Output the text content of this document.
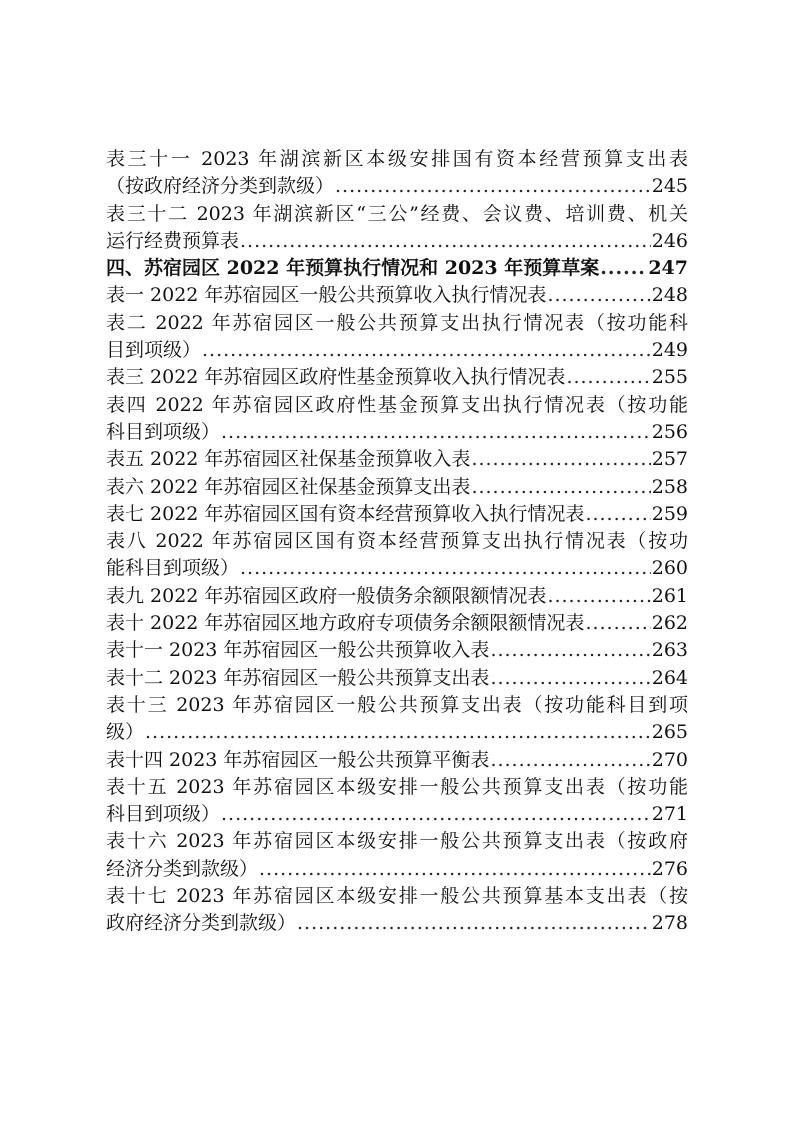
表三十一 2023 年湖滨新区本级安排国有资本经营预算支出表
（按政府经济分类到款级） .....	245
表三十二 2023 年湖滨新区“三公”经费、会议费、培训费、机关
运行经费预算表 .....	246
四、苏宿园区 2022 年预算执行情况和 2023 年预算草案 .....	247
表一 2022 年苏宿园区一般公共预算收入执行情况表 .....	248
表二 2022 年苏宿园区一般公共预算支出执行情况表（按功能科
目到项级） .....	249
表三 2022 年苏宿园区政府性基金预算收入执行情况表 .....	255
表四 2022 年苏宿园区政府性基金预算支出执行情况表（按功能
科目到项级） .....	256
表五 2022 年苏宿园区社保基金预算收入表 .....	257
表六 2022 年苏宿园区社保基金预算支出表 .....	258
表七 2022 年苏宿园区国有资本经营预算收入执行情况表 .....	259
表八 2022 年苏宿园区国有资本经营预算支出执行情况表（按功
能科目到项级） .....	260
表九 2022 年苏宿园区政府一般债务余额限额情况表 .....	261
表十 2022 年苏宿园区地方政府专项债务余额限额情况表 .....	262
表十一 2023 年苏宿园区一般公共预算收入表 .....	263
表十二 2023 年苏宿园区一般公共预算支出表 .....	264
表十三 2023 年苏宿园区一般公共预算支出表（按功能科目到项
级） .....	265
表十四 2023 年苏宿园区一般公共预算平衡表 .....	270
表十五 2023 年苏宿园区本级安排一般公共预算支出表（按功能
科目到项级） .....	271
表十六 2023 年苏宿园区本级安排一般公共预算支出表（按政府
经济分类到款级） .....	276
表十七 2023 年苏宿园区本级安排一般公共预算基本支出表（按
政府经济分类到款级） .....	278
